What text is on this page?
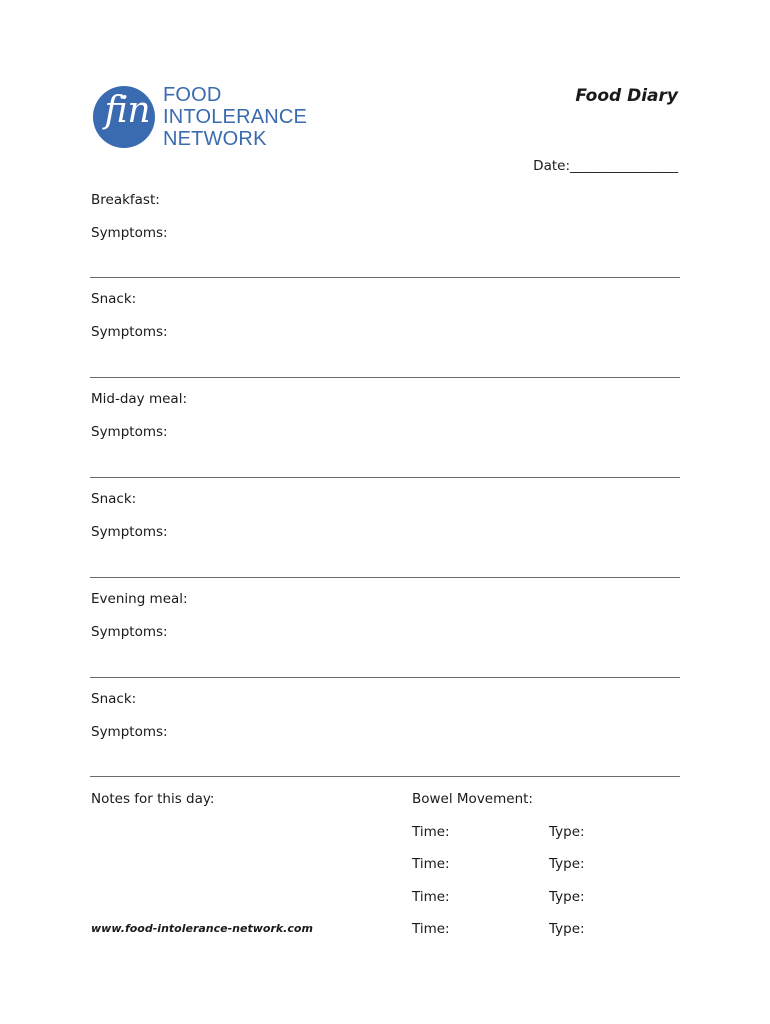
fin FOOD
INTOLERANCE
NETWORK
Food Diary
Date:________________
Breakfast:
Symptoms:
Snack:
Symptoms:
Mid-day meal:
Symptoms:
Snack:
Symptoms:
Evening meal:
Symptoms:
Snack:
Symptoms:
Notes for this day:	Bowel Movement:
Time:	Type:
Time:	Type:
Time:	Type:
Time:	Type:
www.food-intolerance-network.com
